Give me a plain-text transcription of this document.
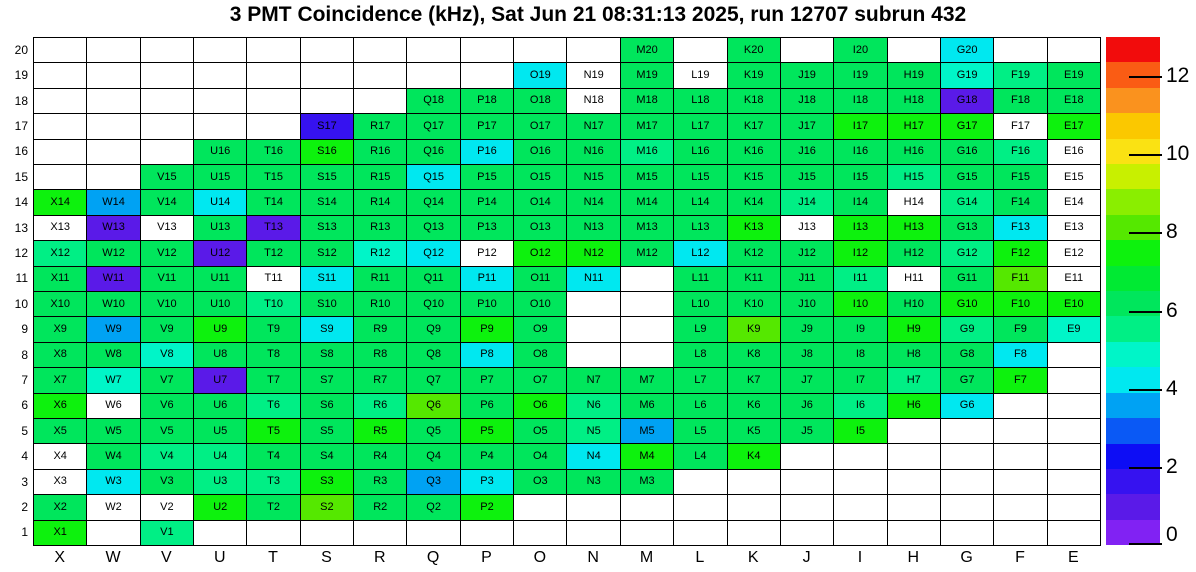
3 PMT Coincidence (kHz), Sat Jun 21 08:31:13 2025, run 12707 subrun 432
M20	K20	I20	G20
O19	N19	M19	L19	K19	J19	I19	H19	G19	F19	E19
Q18	P18	O18	N18	M18	L18	K18	J18	I18	H18	G18	F18	E18
S17	R17	Q17	P17	O17	N17	M17	L17	K17	J17	I17	H17	G17	F17	E17
U16	T16	S16	R16	Q16	P16	O16	N16	M16	L16	K16	J16	I16	H16	G16	F16	E16
V15	U15	T15	S15	R15	Q15	P15	O15	N15	M15	L15	K15	J15	I15	H15	G15	F15	E15
X14	W14	V14	U14	T14	S14	R14	Q14	P14	O14	N14	M14	L14	K14	J14	I14	H14	G14	F14	E14
X13	W13	V13	U13	T13	S13	R13	Q13	P13	O13	N13	M13	L13	K13	J13	I13	H13	G13	F13	E13
X12	W12	V12	U12	T12	S12	R12	Q12	P12	O12	N12	M12	L12	K12	J12	I12	H12	G12	F12	E12
X11	W11	V11	U11	T11	S11	R11	Q11	P11	O11	N11	L11	K11	J11	I11	H11	G11	F11	E11
X10	W10	V10	U10	T10	S10	R10	Q10	P10	O10	L10	K10	J10	I10	H10	G10	F10	E10
X9	W9	V9	U9	T9	S9	R9	Q9	P9	O9	L9	K9	J9	I9	H9	G9	F9	E9
X8	W8	V8	U8	T8	S8	R8	Q8	P8	O8	L8	K8	J8	I8	H8	G8	F8
X7	W7	V7	U7	T7	S7	R7	Q7	P7	O7	N7	M7	L7	K7	J7	I7	H7	G7	F7
X6	W6	V6	U6	T6	S6	R6	Q6	P6	O6	N6	M6	L6	K6	J6	I6	H6	G6
X5	W5	V5	U5	T5	S5	R5	Q5	P5	O5	N5	M5	L5	K5	J5	I5
X4	W4	V4	U4	T4	S4	R4	Q4	P4	O4	N4	M4	L4	K4
X3	W3	V3	U3	T3	S3	R3	Q3	P3	O3	N3	M3
X2	W2	V2	U2	T2	S2	R2	Q2	P2
X1	V1
20
19
18
17
16
15
14
13
12
11
10
9
8
7
6
5
4
3
2
1
X	W	V	U	T	S	R	Q	P	O	N	M	L	K	J	I	H	G	F	E
12
10
8
6
4
2
0
